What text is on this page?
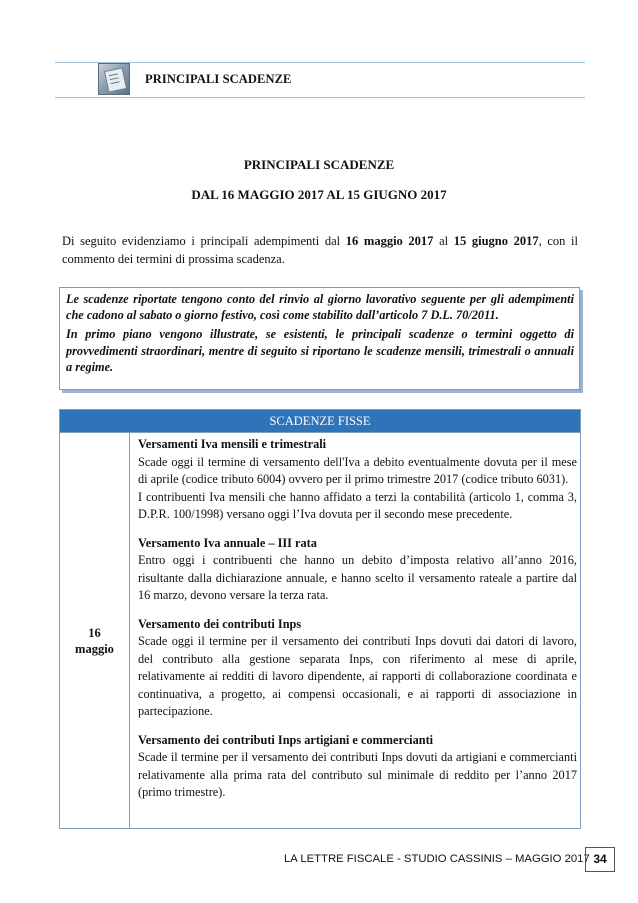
PRINCIPALI SCADENZE
PRINCIPALI SCADENZE
DAL 16 MAGGIO 2017 AL 15 GIUGNO 2017
Di seguito evidenziamo i principali adempimenti dal 16 maggio 2017 al 15 giugno 2017, con il commento dei termini di prossima scadenza.

Le scadenze riportate tengono conto del rinvio al giorno lavorativo seguente per gli adempimenti che cadono al sabato o giorno festivo, così come stabilito dall’articolo 7 D.L. 70/2011.

In primo piano vengono illustrate, se esistenti, le principali scadenze o termini oggetto di provvedimenti straordinari, mentre di seguito si riportano le scadenze mensili, trimestrali o annuali a regime.

SCADENZE FISSE
16
maggio
Versamenti Iva mensili e trimestrali

Scade oggi il termine di versamento dell'Iva a debito eventualmente dovuta per il mese di aprile (codice tributo 6004) ovvero per il primo trimestre 2017 (codice tributo 6031).

I contribuenti Iva mensili che hanno affidato a terzi la contabilità (articolo 1, comma 3, D.P.R. 100/1998) versano oggi l’Iva dovuta per il secondo mese precedente.

Versamento Iva annuale – III rata

Entro oggi i contribuenti che hanno un debito d’imposta relativo all’anno 2016, risultante dalla dichiarazione annuale, e hanno scelto il versamento rateale a partire dal 16 marzo, devono versare la terza rata.

Versamento dei contributi Inps

Scade oggi il termine per il versamento dei contributi Inps dovuti dai datori di lavoro, del contributo alla gestione separata Inps, con riferimento al mese di aprile, relativamente ai redditi di lavoro dipendente, ai rapporti di collaborazione coordinata e continuativa, a progetto, ai compensi occasionali, e ai rapporti di associazione in partecipazione.

Versamento dei contributi Inps artigiani e commercianti

Scade il termine per il versamento dei contributi Inps dovuti da artigiani e commercianti relativamente alla prima rata del contributo sul minimale di reddito per l’anno 2017 (primo trimestre).

LA LETTRE FISCALE - STUDIO CASSINIS – MAGGIO 2017 34
